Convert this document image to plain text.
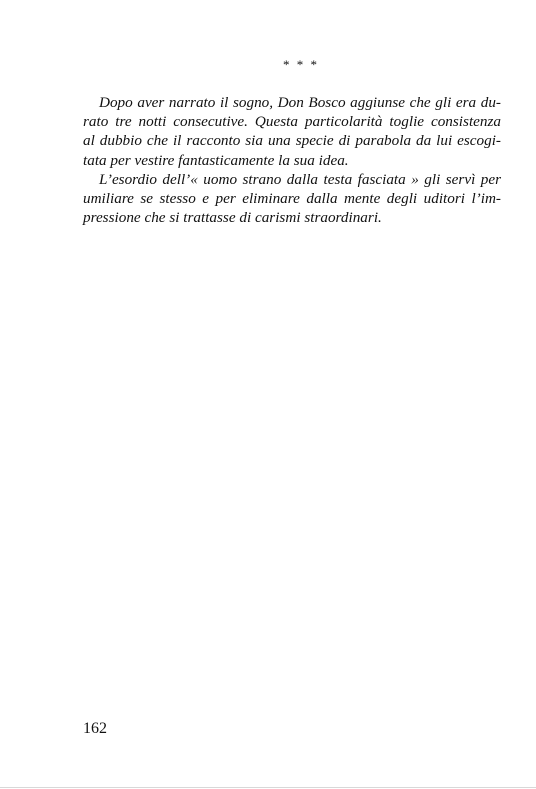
* * *

Dopo aver narrato il sogno, Don Bosco aggiunse che gli era du-
rato tre notti consecutive. Questa particolarità toglie consistenza
al dubbio che il racconto sia una specie di parabola da lui escogi-
tata per vestire fantasticamente la sua idea.

L’esordio dell’« uomo strano dalla testa fasciata » gli servì per
umiliare se stesso e per eliminare dalla mente degli uditori l’im-
pressione che si trattasse di carismi straordinari.

162
